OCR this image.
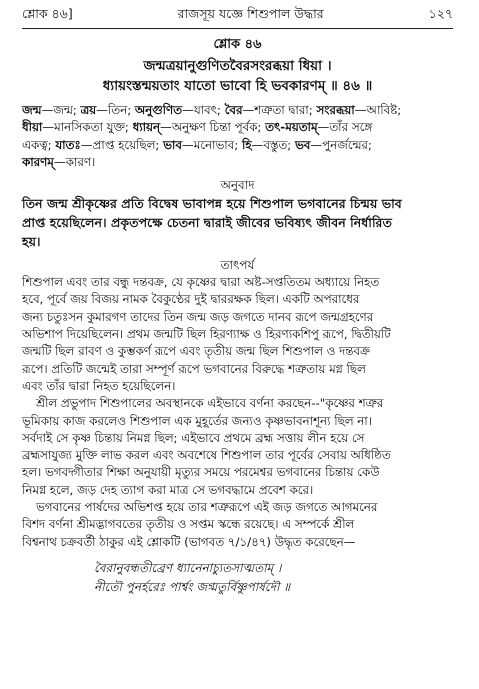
শ্লোক ৪৬]	রাজসূয় যজ্ঞে শিশুপাল উদ্ধার	১২৭
শ্লোক ৪৬
জন্মত্রয়ানুগুণিতবৈরসংরব্ধয়া ধিয়া ।
ধ্যায়ংস্তন্ময়তাং যাতো ভাবো হি ভবকারণম্ ॥ ৪৬ ॥
জন্ম—জন্ম; ত্রয়—তিন; অনুগুণিত—যাবৎ; বৈর—শত্রুতা দ্বারা; সংরব্ধয়া—আবিষ্ট;
ধীয়া—মানসিকতা যুক্ত; ধ্যায়ন্—অনুক্ষণ চিন্তা পূর্বক; তৎ-ময়তাম্—তাঁর সঙ্গে
একত্ব; যাতঃ—প্রাপ্ত হয়েছিল; ভাব—মনোভাব; হি—বস্তুত; ভব—পুনর্জন্মের;
কারণম্—কারণ।
অনুবাদ
তিন জন্ম শ্রীকৃষ্ণের প্রতি বিদ্বেষ ভাবাপন্ন হয়ে শিশুপাল ভগবানের চিন্ময় ভাব
প্রাপ্ত হয়েছিলেন। প্রকৃতপক্ষে চেতনা দ্বারাই জীবের ভবিষ্যৎ জীবন নির্ধারিত
হয়।
তাৎপর্য
শিশুপাল এবং তার বন্ধু দন্তবক্র, যে কৃষ্ণের দ্বারা অষ্ট-সপ্ততিতম অধ্যায়ে নিহত
হবে, পূর্বে জয় বিজয় নামক বৈকুণ্ঠের দুই দ্বাররক্ষক ছিল। একটি অপরাধের
জন্য চতুঃসন কুমারগণ তাদের তিন জন্ম জড় জগতে দানব রূপে জন্মগ্রহণের
অভিশাপ দিয়েছিলেন। প্রথম জন্মটি ছিল হিরণ্যাক্ষ ও হিরণ্যকশিপু রূপে, দ্বিতীয়টি
জন্মটি ছিল রাবণ ও কুম্ভকর্ণ রূপে এবং তৃতীয় জন্ম ছিল শিশুপাল ও দন্তবক্র
রূপে। প্রতিটি জন্মেই তারা সম্পূর্ণ রূপে ভগবানের বিরুদ্ধে শত্রুতায় মগ্ন ছিল
এবং তাঁর দ্বারা নিহত হয়েছিলেন।
শ্রীল প্রভুপাদ শিশুপালের অবস্থানকে এইভাবে বর্ণনা করছেন--"কৃষ্ণের শত্রুর
ভূমিকায় কাজ করলেও শিশুপাল এক মুহূর্তের জন্যও কৃষ্ণভাবনাশূন্য ছিল না।
সর্বদাই সে কৃষ্ণ চিন্তায় নিমগ্ন ছিল; এইভাবে প্রথমে ব্রহ্ম সত্তায় লীন হয়ে সে
ব্রহ্মসাযুজ্য মুক্তি লাভ করল এবং অবশেষে শিশুপাল তার পূর্বের সেবায় অধিষ্ঠিত
হল। ভগবদ্গীতার শিক্ষা অনুযায়ী মৃত্যুর সময়ে পরমেশ্বর ভগবানের চিন্তায় কেউ
নিমগ্ন হলে, জড় দেহ ত্যাগ করা মাত্র সে ভগবদ্ধামে প্রবেশ করে।
ভগবানের পার্ষদের অভিশপ্ত হয়ে তার শত্রুরূপে এই জড় জগতে আগমনের
বিশদ বর্ণনা শ্রীমদ্ভাগবতের তৃতীয় ও সপ্তম স্কন্ধে রয়েছে। এ সম্পর্কে শ্রীল
বিশ্বনাথ চক্রবর্তী ঠাকুর এই শ্লোকটি (ভাগবত ৭/১/৪৭) উদ্ধৃত করেছেন—
বৈরানুবন্ধতীব্রেণ ধ্যানেনাচ্যুতসাত্মতাম্ ।
নীতৌ পুনর্হরেঃ পার্শ্বং জগ্মতুর্বিষ্ণুপার্ষদৌ ॥
